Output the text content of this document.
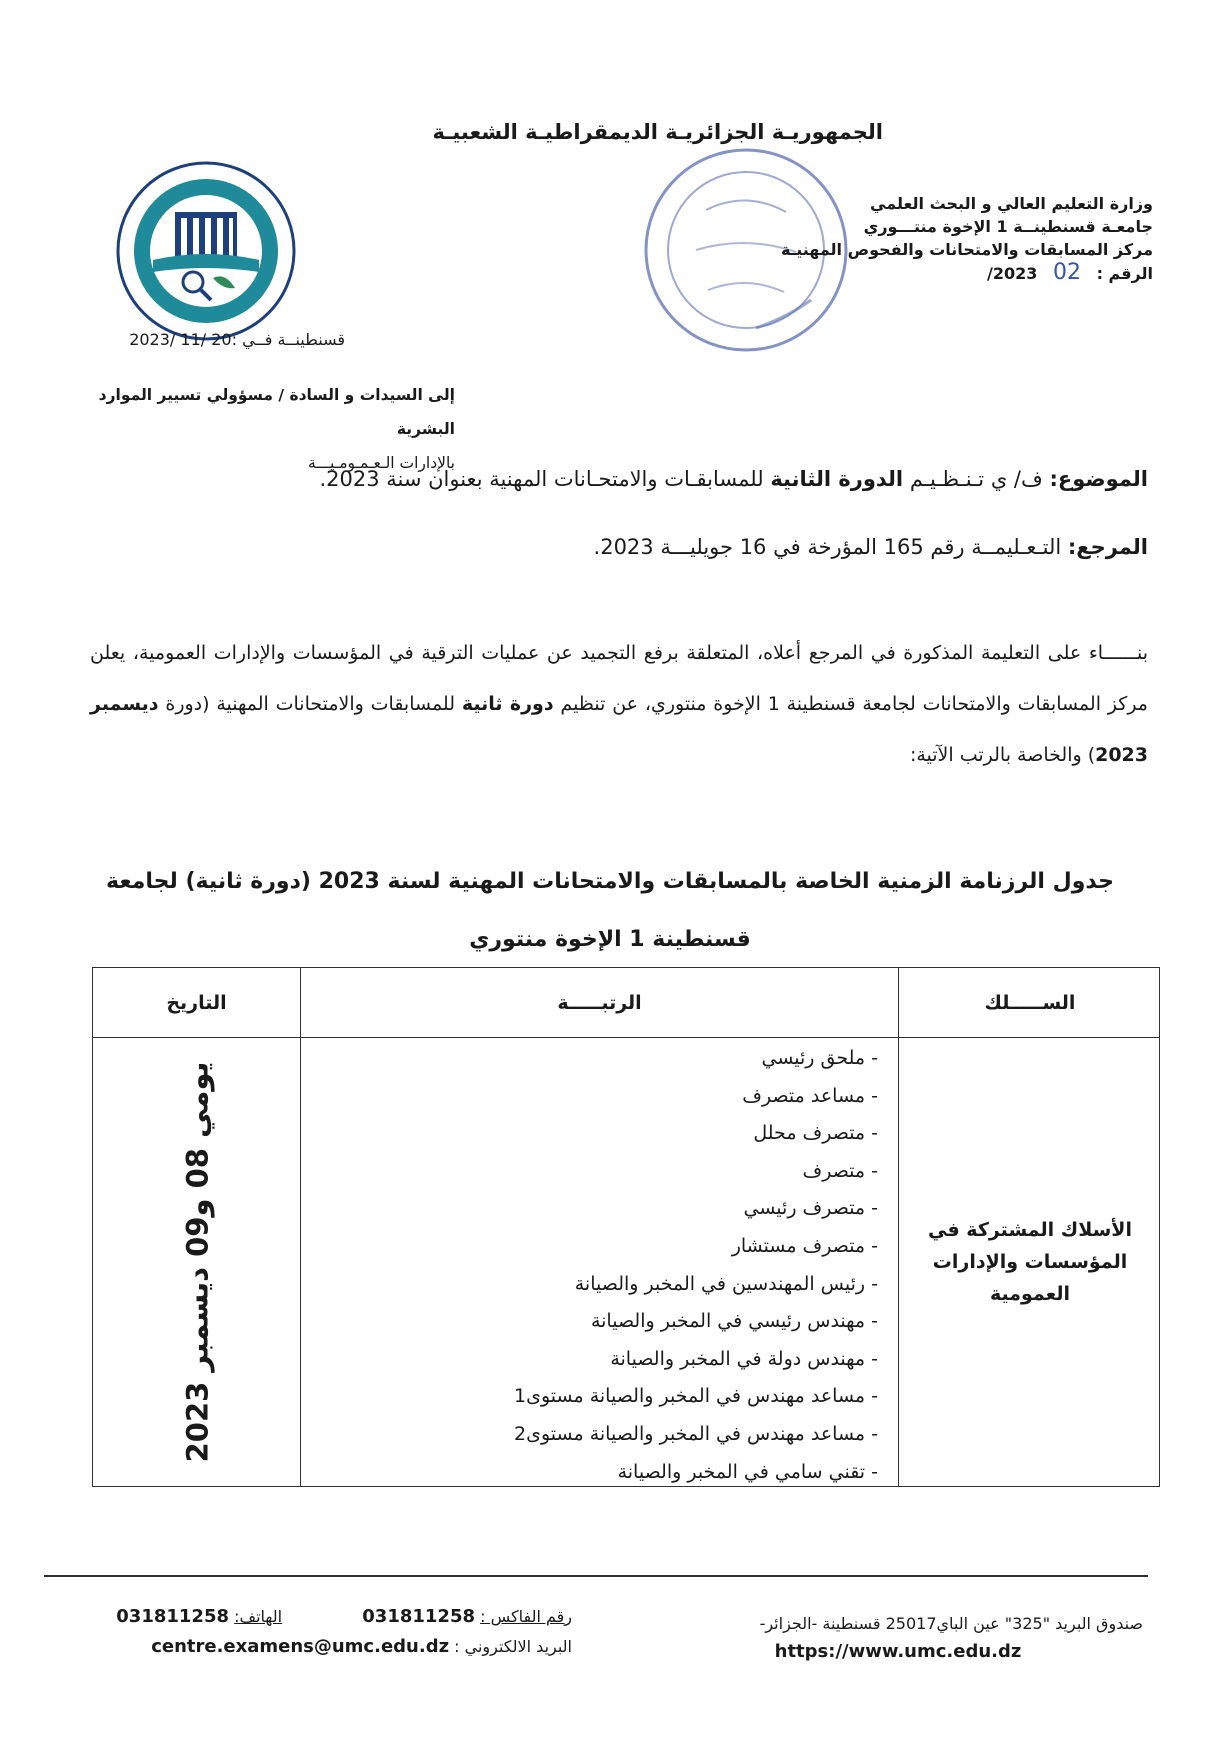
الجمهوريـة الجزائريـة الديمقراطيـة الشعبيـة
وزارة التعليم العالي و البحث العلمي
جامعـة قسنطينــة 1 الإخوة منتـــوري
مركز المسابقات والامتحانات والفحوص المهنيـة
الرقم : 02 2023/
قسنطينــة فــي :20 /11 /2023
إلى السيدات و السادة / مسؤولي تسيير الموارد البشرية
بالإدارات الـعـمـومـيـــة
الموضوع: ف/ ي تـنـظـيـم الدورة الثانية للمسابقـات والامتحـانات المهنية بعنوان سنة 2023.
المرجع: التـعـليمــة رقم 165 المؤرخة في 16 جويليـــة 2023.
بنــــــاء على التعليمة المذكورة في المرجع أعلاه، المتعلقة برفع التجميد عن عمليات الترقية في المؤسسات والإدارات العمومية، يعلن مركز المسابقات والامتحانات لجامعة قسنطينة 1 الإخوة منتوري، عن تنظيم دورة ثانية للمسابقات والامتحانات المهنية (دورة ديسمبر 2023) والخاصة بالرتب الآتية:
جدول الرزنامة الزمنية الخاصة بالمسابقات والامتحانات المهنية لسنة 2023 (دورة ثانية) لجامعة
قسنطينة 1 الإخوة منتوري
الســـــلك
الرتبـــــة
التاريخ
الأسلاك المشتركة في المؤسسات والإدارات العمومية
- ملحق رئيسي
- مساعد متصرف
- متصرف محلل
- متصرف
- متصرف رئيسي
- متصرف مستشار
- رئيس المهندسين في المخبر والصيانة
- مهندس رئيسي في المخبر والصيانة
- مهندس دولة في المخبر والصيانة
- مساعد مهندس في المخبر والصيانة مستوى1
- مساعد مهندس في المخبر والصيانة مستوى2
- تقني سامي في المخبر والصيانة
يومي 08 و09 ديسمبر 2023
صندوق البريد "325" عين الباي25017 قسنطينة -الجزائر-
https://www.umc.edu.dz
رقم الفاكس : 031811258  الهاتف: 031811258
البريد الالكتروني : centre.examens@umc.edu.dz
